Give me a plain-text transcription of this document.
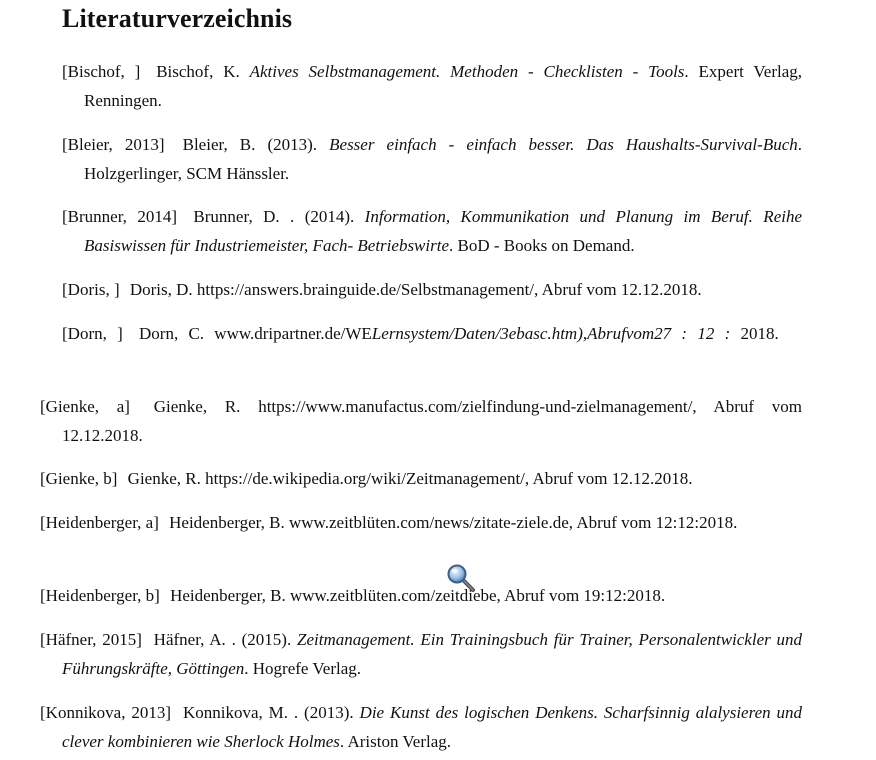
Literaturverzeichnis

[Bischof, ] Bischof, K. Aktives Selbstmanagement. Methoden - Checklisten - Tools. Expert Verlag, Renningen.

[Bleier, 2013] Bleier, B. (2013). Besser einfach - einfach besser. Das Haushalts-Survival-Buch. Holzgerlinger, SCM Hänssler.

[Brunner, 2014] Brunner, D. . (2014). Information, Kommunikation und Planung im Beruf. Reihe Basiswissen für Industriemeister, Fach- Betriebswirte. BoD - Books on Demand.

[Doris, ] Doris, D. https://answers.brainguide.de/Selbstmanagement/, Abruf vom 12.12.2018.

[Dorn, ] Dorn, C. www.dripartner.de/WELernsystem/Daten/3ebasc.htm),Abrufvom27 : 12 : 2018.

[Gienke, a] Gienke, R. https://www.manufactus.com/zielfindung-und-zielmanagement/, Abruf vom 12.12.2018.

[Gienke, b] Gienke, R. https://de.wikipedia.org/wiki/Zeitmanagement/, Abruf vom 12.12.2018.

[Heidenberger, a] Heidenberger, B. www.zeitblüten.com/news/zitate-ziele.de, Abruf vom 12:12:2018.

[Heidenberger, b] Heidenberger, B. www.zeitblüten.com/zeitdiebe, Abruf vom 19:12:2018.

[Häfner, 2015] Häfner, A. . (2015). Zeitmanagement. Ein Trainingsbuch für Trainer, Personalentwickler und Führungskräfte, Göttingen. Hogrefe Verlag.

[Konnikova, 2013] Konnikova, M. . (2013). Die Kunst des logischen Denkens. Scharfsinnig alalysieren und clever kombinieren wie Sherlock Holmes. Ariston Verlag.
